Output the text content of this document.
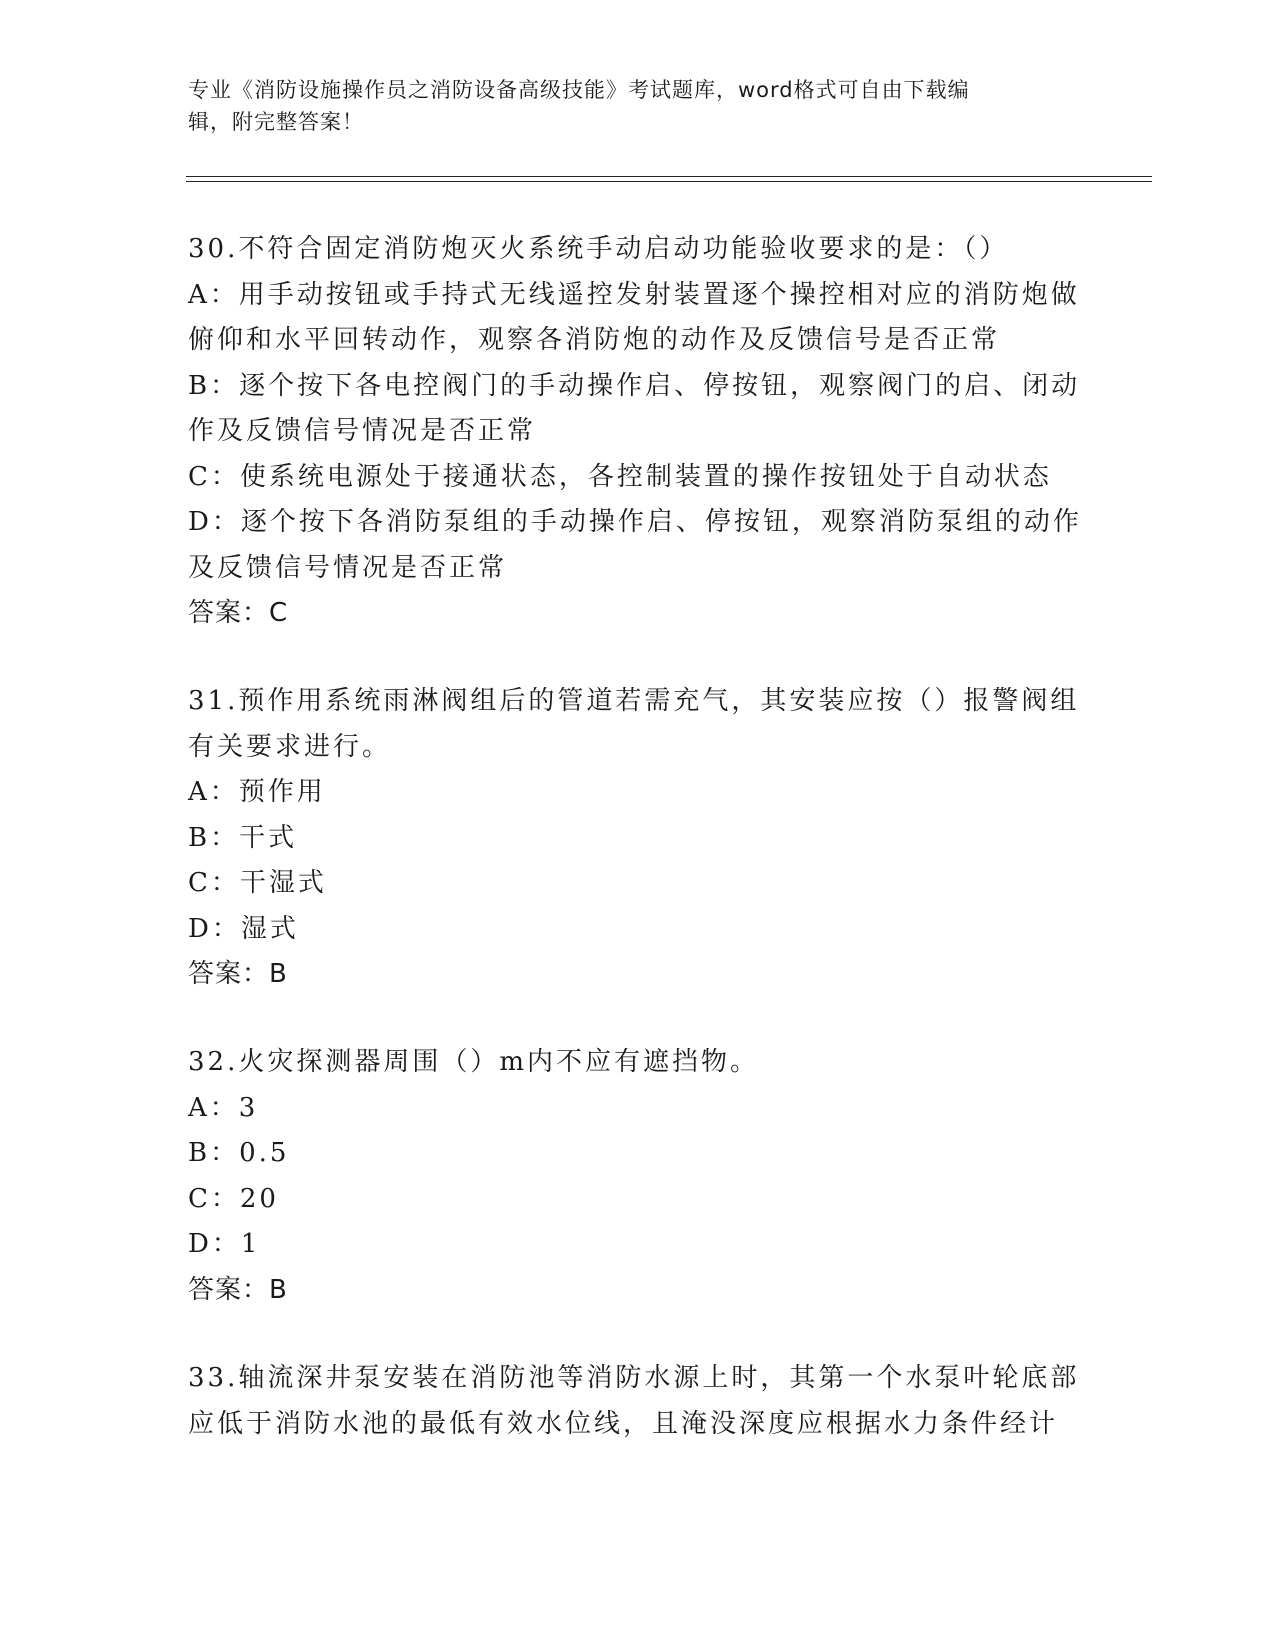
专业《消防设施操作员之消防设备高级技能》考试题库，word格式可自由下载编
辑，附完整答案！
30.不符合固定消防炮灭火系统手动启动功能验收要求的是：（）
A：用手动按钮或手持式无线遥控发射装置逐个操控相对应的消防炮做
俯仰和水平回转动作，观察各消防炮的动作及反馈信号是否正常
B：逐个按下各电控阀门的手动操作启、停按钮，观察阀门的启、闭动
作及反馈信号情况是否正常
C：使系统电源处于接通状态，各控制装置的操作按钮处于自动状态
D：逐个按下各消防泵组的手动操作启、停按钮，观察消防泵组的动作
及反馈信号情况是否正常
答案：C
31.预作用系统雨淋阀组后的管道若需充气，其安装应按（）报警阀组
有关要求进行。
A：预作用
B：干式
C：干湿式
D：湿式
答案：B
32.火灾探测器周围（）m内不应有遮挡物。
A：3
B：0.5
C：20
D：1
答案：B
33.轴流深井泵安装在消防池等消防水源上时，其第一个水泵叶轮底部
应低于消防水池的最低有效水位线，且淹没深度应根据水力条件经计
